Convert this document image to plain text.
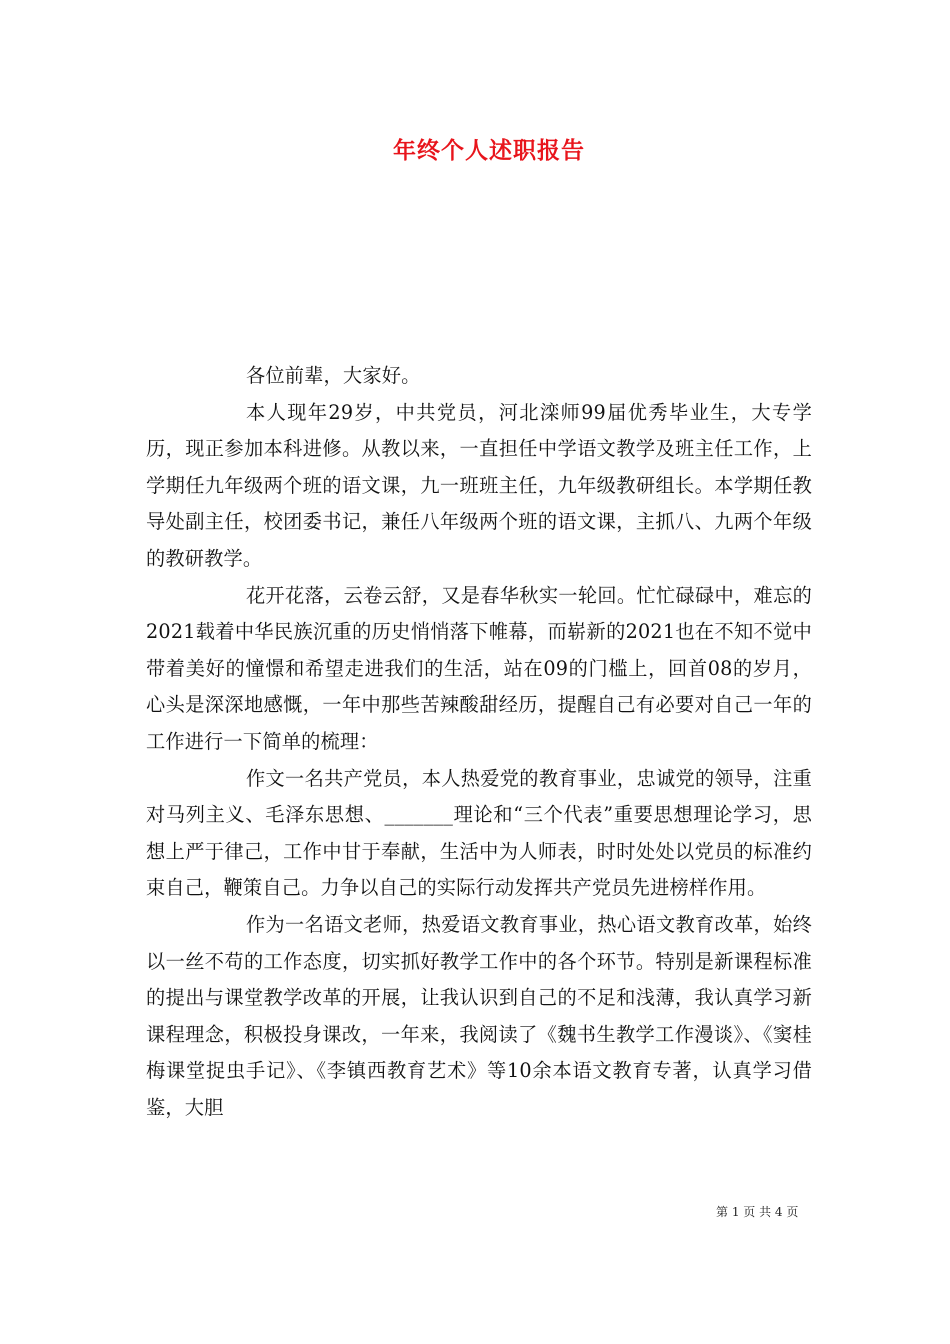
年终个人述职报告

各位前辈，大家好。

本人现年29岁，中共党员，河北滦师99届优秀毕业生，大专学历，现正参加本科进修。从教以来，一直担任中学语文教学及班主任工作，上学期任九年级两个班的语文课，九一班班主任，九年级教研组长。本学期任教导处副主任，校团委书记，兼任八年级两个班的语文课，主抓八、九两个年级的教研教学。

花开花落，云卷云舒，又是春华秋实一轮回。忙忙碌碌中，难忘的2021载着中华民族沉重的历史悄悄落下帷幕，而崭新的2021也在不知不觉中带着美好的憧憬和希望走进我们的生活，站在09的门槛上，回首08的岁月，心头是深深地感慨，一年中那些苦辣酸甜经历，提醒自己有必要对自己一年的工作进行一下简单的梳理：

作文一名共产党员，本人热爱党的教育事业，忠诚党的领导，注重对马列主义、毛泽东思想、_______理论和“三个代表”重要思想理论学习，思想上严于律己，工作中甘于奉献，生活中为人师表，时时处处以党员的标准约束自己，鞭策自己。力争以自己的实际行动发挥共产党员先进榜样作用。

作为一名语文老师，热爱语文教育事业，热心语文教育改革，始终以一丝不苟的工作态度，切实抓好教学工作中的各个环节。特别是新课程标准的提出与课堂教学改革的开展，让我认识到自己的不足和浅薄，我认真学习新课程理念，积极投身课改，一年来，我阅读了《魏书生教学工作漫谈》、《窦桂梅课堂捉虫手记》、《李镇西教育艺术》等10余本语文教育专著，认真学习借鉴，大胆

第 1 页 共 4 页
